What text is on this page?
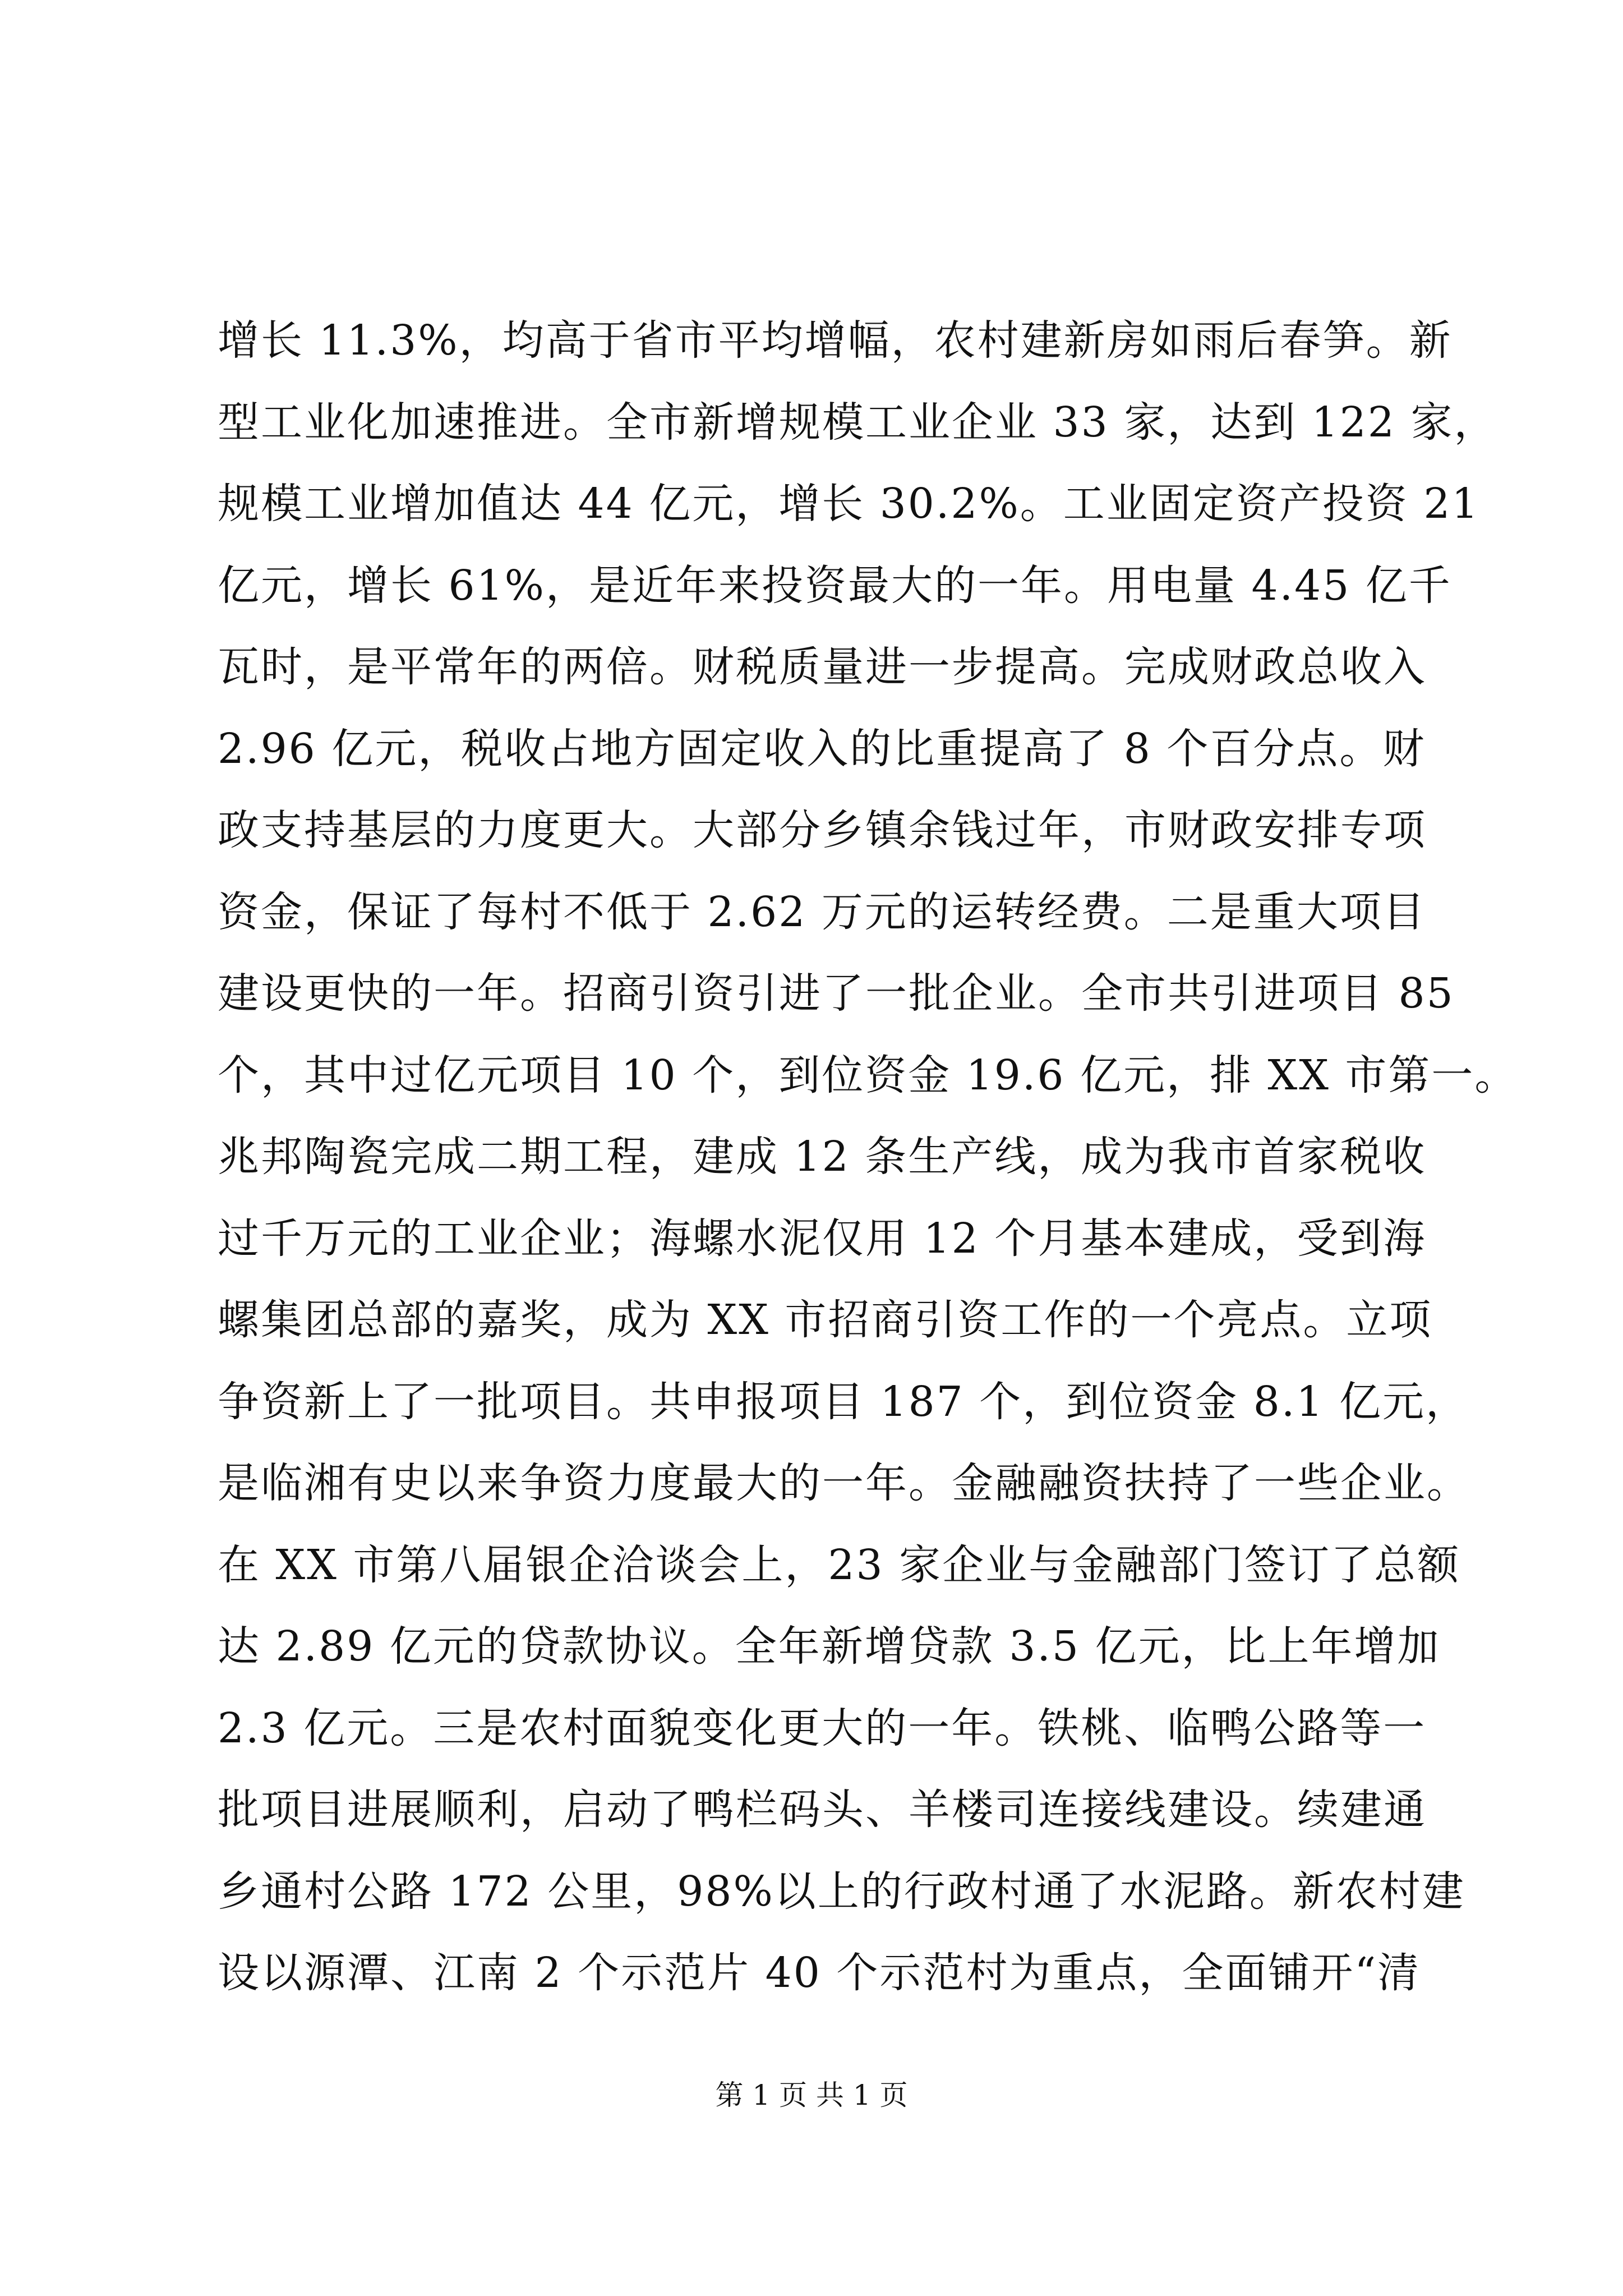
增长 11.3%，均高于省市平均增幅，农村建新房如雨后春笋。新
型工业化加速推进。全市新增规模工业企业 33 家，达到 122 家，
规模工业增加值达 44 亿元，增长 30.2%。工业固定资产投资 21
亿元，增长 61%，是近年来投资最大的一年。用电量 4.45 亿千
瓦时，是平常年的两倍。财税质量进一步提高。完成财政总收入
2.96 亿元，税收占地方固定收入的比重提高了 8 个百分点。财
政支持基层的力度更大。大部分乡镇余钱过年，市财政安排专项
资金，保证了每村不低于 2.62 万元的运转经费。二是重大项目
建设更快的一年。招商引资引进了一批企业。全市共引进项目 85
个，其中过亿元项目 10 个，到位资金 19.6 亿元，排 XX 市第一。
兆邦陶瓷完成二期工程，建成 12 条生产线，成为我市首家税收
过千万元的工业企业；海螺水泥仅用 12 个月基本建成，受到海
螺集团总部的嘉奖，成为 XX 市招商引资工作的一个亮点。立项
争资新上了一批项目。共申报项目 187 个，到位资金 8.1 亿元，
是临湘有史以来争资力度最大的一年。金融融资扶持了一些企业。
在 XX 市第八届银企洽谈会上，23 家企业与金融部门签订了总额
达 2.89 亿元的贷款协议。全年新增贷款 3.5 亿元，比上年增加
2.3 亿元。三是农村面貌变化更大的一年。铁桃、临鸭公路等一
批项目进展顺利，启动了鸭栏码头、羊楼司连接线建设。续建通
乡通村公路 172 公里，98%以上的行政村通了水泥路。新农村建
设以源潭、江南 2 个示范片 40 个示范村为重点，全面铺开“清
第 1 页 共 1 页
